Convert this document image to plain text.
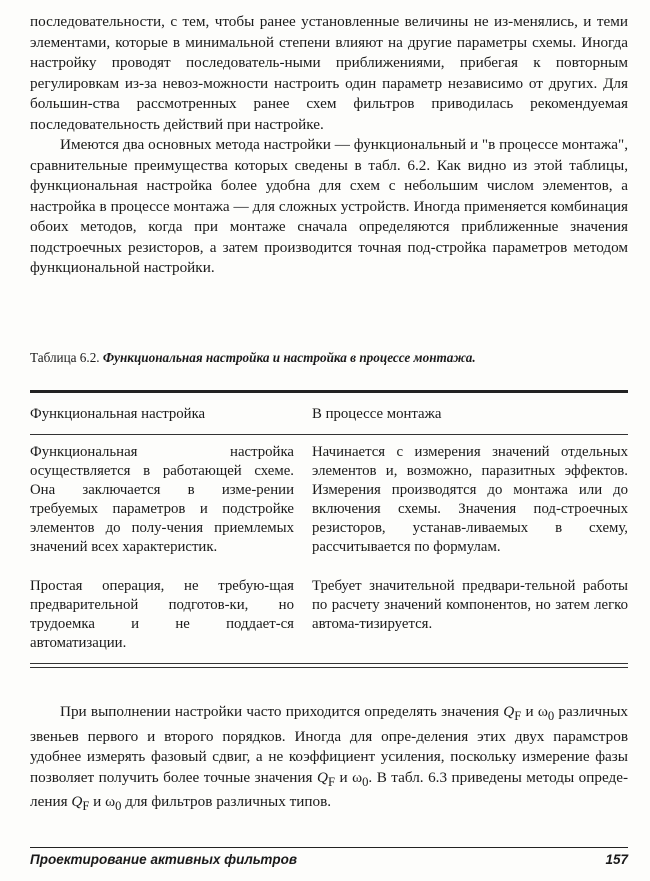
последовательности, с тем, чтобы ранее установленные величины не из-менялись, и теми элементами, которые в минимальной степени влияют на другие параметры схемы. Иногда настройку проводят последователь-ными приближениями, прибегая к повторным регулировкам из-за невоз-можности настроить один параметр независимо от других. Для большин-ства рассмотренных ранее схем фильтров приводилась рекомендуемая последовательность действий при настройке.

Имеются два основных метода настройки — функциональный и "в процессе монтажа", сравнительные преимущества которых сведены в табл. 6.2. Как видно из этой таблицы, функциональная настройка более удобна для схем с небольшим числом элементов, а настройка в процессе монтажа — для сложных устройств. Иногда применяется комбинация обоих методов, когда при монтаже сначала определяются приближенные значения подстроечных резисторов, а затем производится точная под-стройка параметров методом функциональной настройки.

Таблица 6.2. Функциональная настройка и настройка в процессе монтажа.

Функциональная настройка	В процессе монтажа
Функциональная настройка осуществляется в работающей схеме. Она заключается в изме-рении требуемых параметров и подстройке элементов до полу-чения приемлемых значений всех характеристик.	Начинается с измерения значений отдельных элементов и, возможно, паразитных эффектов. Измерения производятся до монтажа или до включения схемы. Значения под-строечных резисторов, устанав-ливаемых в схему, рассчитывается по формулам.
Простая операция, не требую-щая предварительной подготов-ки, но трудоемка и не поддает-ся автоматизации.	Требует значительной предвари-тельной работы по расчету значений компонентов, но затем легко автома-тизируется.

При выполнении настройки часто приходится определять значения $Q_F$ и $\omega_0$ различных звеньев первого и второго порядков. Иногда для опре-деления этих двух парамстров удобнее измерять фазовый сдвиг, а не коэффициент усиления, поскольку измерение фазы позволяет получить более точные значения $Q_F$ и $\omega_0$. В табл. 6.3 приведены методы опреде-ления $Q_F$ и $\omega_0$ для фильтров различных типов.

Проектирование активных фильтров	157
